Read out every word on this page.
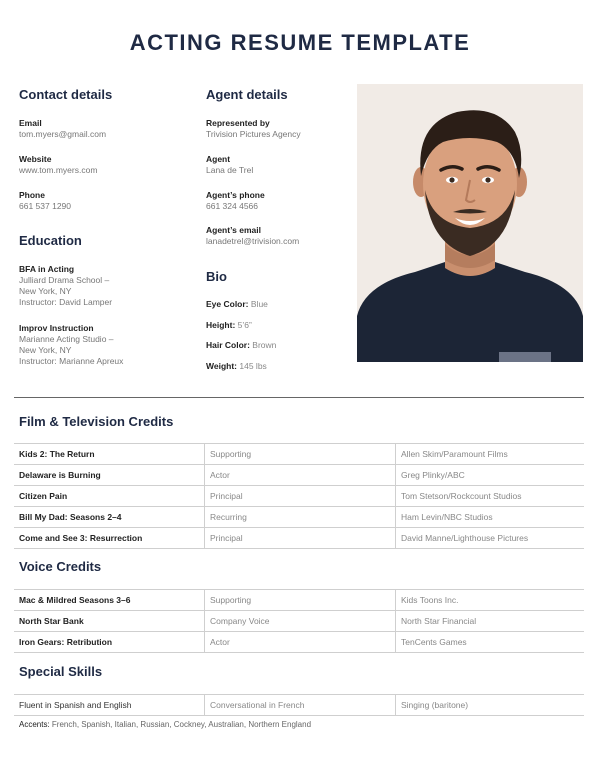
ACTING RESUME TEMPLATE
Contact details
Email
tom.myers@gmail.com
Website
www.tom.myers.com
Phone
661 537 1290
Education
BFA in Acting
Julliard Drama School –
New York, NY
Instructor: David Lamper
Improv Instruction
Marianne Acting Studio –
New York, NY
Instructor: Marianne Apreux
Agent details
Represented by
Trivision Pictures Agency
Agent
Lana de Trel
Agent’s phone
661 324 4566
Agent’s email
lanadetrel@trivision.com
Bio
Eye Color: Blue
Height: 5’6”
Hair Color: Brown
Weight: 145 lbs
Film & Television Credits
Kids 2: The Return	Supporting	Allen Skim/Paramount Films
Delaware is Burning	Actor	Greg Plinky/ABC
Citizen Pain	Principal	Tom Stetson/Rockcount Studios
Bill My Dad: Seasons 2–4	Recurring	Ham Levin/NBC Studios
Come and See 3: Resurrection	Principal	David Manne/Lighthouse Pictures
Voice Credits
Mac & Mildred Seasons 3–6	Supporting	Kids Toons Inc.
North Star Bank	Company Voice	North Star Financial
Iron Gears: Retribution	Actor	TenCents Games
Special Skills
Fluent in Spanish and English	Conversational in French	Singing (baritone)
Accents: French, Spanish, Italian, Russian, Cockney, Australian, Northern England
